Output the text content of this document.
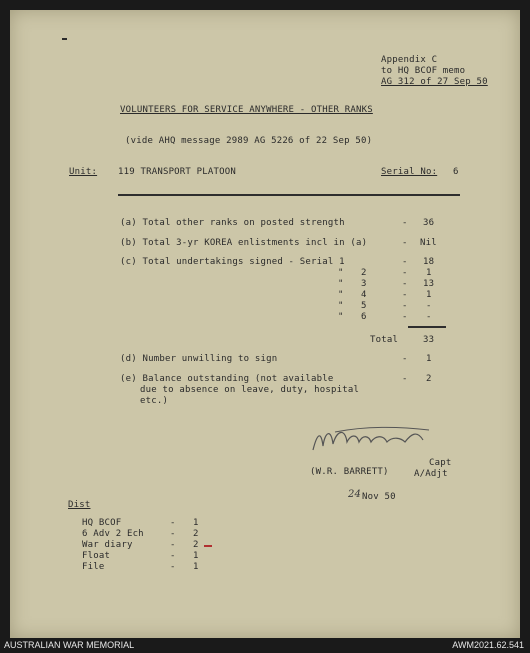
Appendix C
to HQ BCOF memo
AG 312 of 27 Sep 50
VOLUNTEERS FOR SERVICE ANYWHERE - OTHER RANKS
(vide AHQ message 2989 AG 5226 of 22 Sep 50)
Unit: 119 TRANSPORT PLATOON	Serial No: 6
(a) Total other ranks on posted strength	- 36
(b) Total 3-yr KOREA enlistments incl in (a)	- Nil
(c) Total undertakings signed - Serial 1	- 18
" 2	- 1
" 3	- 13
" 4	- 1
" 5	- -
" 6	- -
Total	33
(d) Number unwilling to sign	- 1
(e) Balance outstanding (not available
due to absence on leave, duty, hospital
etc.)
- 2
Capt
(W.R. BARRETT)	A/Adjt
24 Nov 50
Dist
HQ BCOF	- 1
6 Adv 2 Ech	- 2
War diary	- 2
Float	- 1
File	- 1
AUSTRALIAN WAR MEMORIAL	AWM2021.62.541
